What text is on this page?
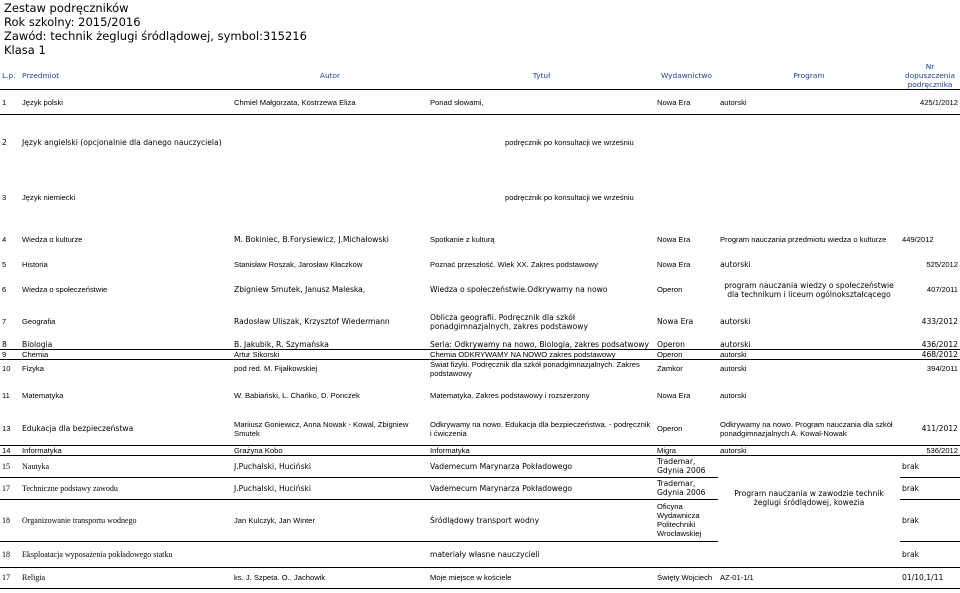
Zestaw podręczników
Rok szkolny: 2015/2016
Zawód: technik żeglugi śródlądowej, symbol:315216
Klasa 1
L.p.	Przedmiot	Autor	Tytuł	Wydawnictwo	Program	Nr dopuszczenia podręcznika
1	Język polski	Chmiel Małgorzata, Kostrzewa Eliza	Ponad słowami,	Nowa Era	autorski	425/1/2012
2	Język angielski (opcjonalnie dla danego nauczyciela)		podręcznik po konsultacji we wrześniu			
3	Język niemiecki		podręcznik po konsultacji we wrześniu			
4	Wiedza o kulturze	M. Bokiniec, B.Forysiewicz, J.Michałowski	Spotkanie z kulturą	Nowa Era	Program nauczania przedmiotu wiedza o kulturze	449/2012
5	Historia	Stanisław Roszak, Jarosław Kłaczkow	Poznać przeszłość. Wiek XX. Zakres podstawowy	Nowa Era	autorski	525/2012
6	Wiedza o społeczeństwie	Zbigniew Smutek, Janusz Maleska,	Wiedza o społeczeństwie.Odkrywamy na nowo	Operon	program nauczania wiedzy o społeczeństwie dla technikum i liceum ogólnokształcącego	407/2011
7	Geografia	Radosław Uliszak, Krzysztof Wiedermann	Oblicza geografii. Podręcznik dla szkół ponadgimnazjalnych, zakres podstawowy	Nowa Era	autorski	433/2012
8	Biologia	B. Jakubik, R. Szymańska	Seria: Odkrywamy na nowo, Biologia, zakres podsatwowy	Operon	autorski	436/2012
9	Chemia	Artur Sikorski	Chemia ODKRYWAMY NA NOWO zakres podstawowy	Operon	autorski	468/2012
10	Fizyka	pod red. M. Fijałkowskiej	Świat fizyki. Podręcznik dla szkół ponadgimnazjalnych. Zakres podstawowy	Zamkor	autorski	394/2011
11	Matematyka	W. Babiański, L. Chańko, D. Ponczek	Matematyka. Zakres podstawowy i rozszerzony	Nowa Era	autorski	
13	Edukacja dla bezpieczeństwa	Mariiusz Goniewicz, Anna Nowak - Kowal, Zbigniew Smutek	Odkrywamy na nowo. Edukacja dla bezpieczeństwa. - podręcznik i ćwiczenia	Operon	Odkrywamy na nowo. Program nauczania dla szkół ponadgimnazjalnych A. Kowal-Nowak	411/2012
14	Informatyka	Grażyna Kobo	Informatyka	Migra	autorski	536/2012
15	Nautyka	J.Puchalski, Huciński	Vademecum Marynarza Pokładowego	Trademar, Gdynia 2006	Program nauczania w zawodzie technik żeglugi śródlądowej, kowezia	brak
17	Techniczne podstawy zawodu	J.Puchalski, Huciński	Vademecum Marynarza Pokładowego	Trademar, Gdynia 2006		brak
18	Organizowanie transportu wodnego	Jan Kulczyk, Jan Winter	Śródlądowy transport wodny	Oficyna Wydawnicza Politechniki Wrocławskiej		brak
18	Eksploatacja wyposażenia pokładowego statku		materiały własne nauczycieli			brak
17	Religia	ks. J. Szpeta. O.. Jachowik	Moje miejsce w kościele	Święty Wojciech	AZ-01-1/1	01/10,1/11
